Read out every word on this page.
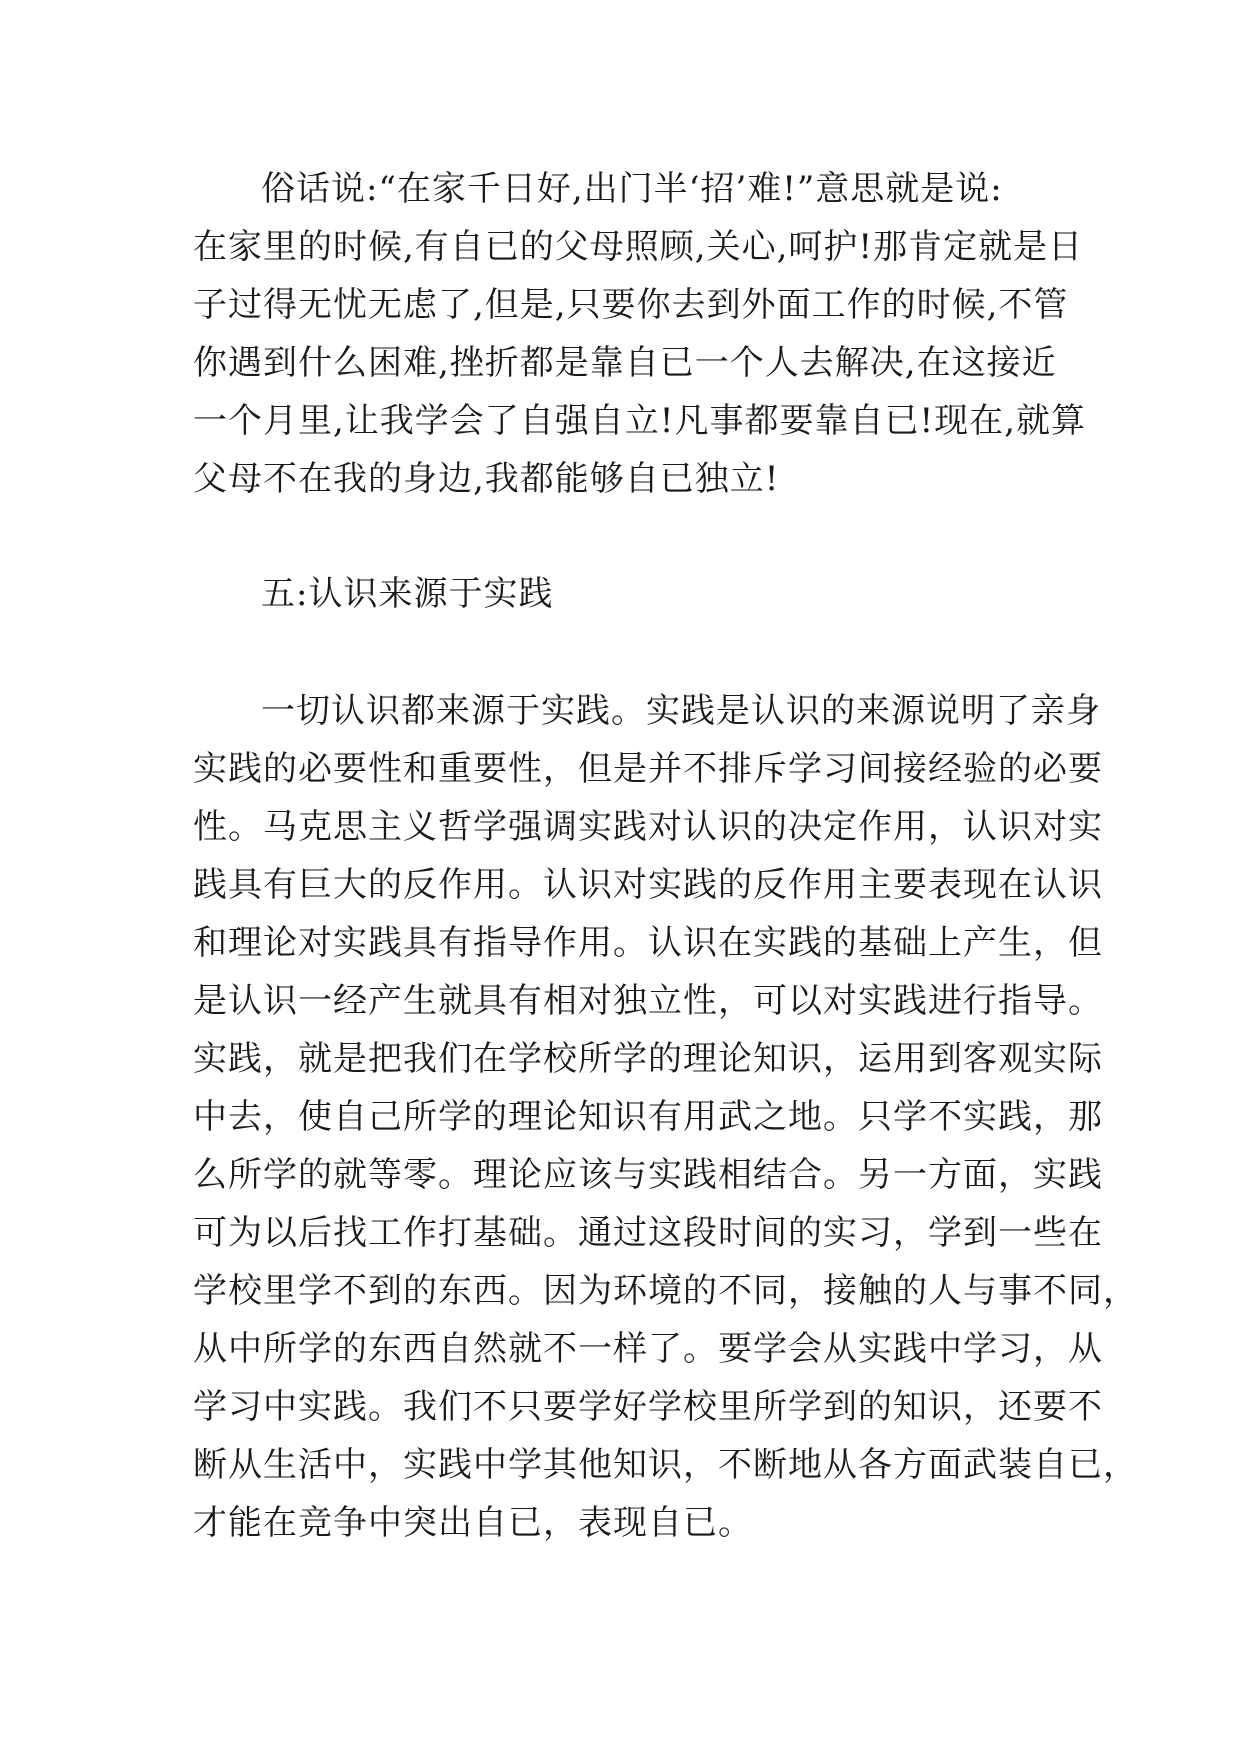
俗话说:“在家千日好,出门半‘招’难!”意思就是说:
在家里的时候,有自已的父母照顾,关心,呵护!那肯定就是日
子过得无忧无虑了,但是,只要你去到外面工作的时候,不管
你遇到什么困难,挫折都是靠自已一个人去解决,在这接近
一个月里,让我学会了自强自立!凡事都要靠自已!现在,就算
父母不在我的身边,我都能够自已独立!
五:认识来源于实践
一切认识都来源于实践。实践是认识的来源说明了亲身
实践的必要性和重要性，但是并不排斥学习间接经验的必要
性。马克思主义哲学强调实践对认识的决定作用，认识对实
践具有巨大的反作用。认识对实践的反作用主要表现在认识
和理论对实践具有指导作用。认识在实践的基础上产生，但
是认识一经产生就具有相对独立性，可以对实践进行指导。
实践，就是把我们在学校所学的理论知识，运用到客观实际
中去，使自己所学的理论知识有用武之地。只学不实践，那
么所学的就等零。理论应该与实践相结合。另一方面，实践
可为以后找工作打基础。通过这段时间的实习，学到一些在
学校里学不到的东西。因为环境的不同，接触的人与事不同，
从中所学的东西自然就不一样了。要学会从实践中学习，从
学习中实践。我们不只要学好学校里所学到的知识，还要不
断从生活中，实践中学其他知识，不断地从各方面武装自已，
才能在竞争中突出自已，表现自已。
